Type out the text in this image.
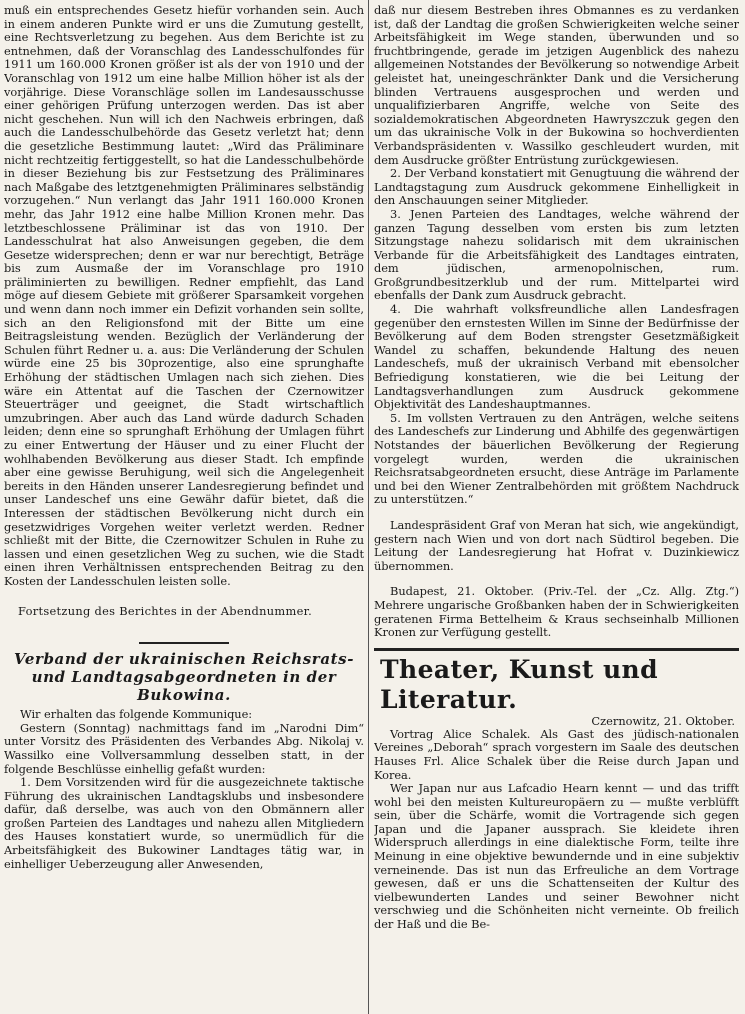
muß ein entsprechendes Gesetz hiefür vorhanden sein. Auch in einem anderen Punkte wird er uns die Zumutung gestellt, eine Rechtsverletzung zu begehen. Aus dem Berichte ist zu entnehmen, daß der Voranschlag des Landesschulfondes für 1911 um 160.000 Kronen größer ist als der von 1910 und der Voranschlag von 1912 um eine halbe Million höher ist als der vorjährige. Diese Voranschläge sollen im Landesausschusse einer gehörigen Prüfung unterzogen werden. Das ist aber nicht geschehen. Nun will ich den Nachweis erbringen, daß auch die Landesschulbehörde das Gesetz verletzt hat; denn die gesetzliche Bestimmung lautet: „Wird das Präliminare nicht rechtzeitig fertiggestellt, so hat die Landesschulbehörde in dieser Beziehung bis zur Festsetzung des Präliminares nach Maßgabe des letztgenehmigten Präliminares selbständig vorzugehen.“ Nun verlangt das Jahr 1911 160.000 Kronen mehr, das Jahr 1912 eine halbe Million Kronen mehr. Das letztbeschlossene Präliminar ist das von 1910. Der Landesschulrat hat also Anweisungen gegeben, die dem Gesetze widersprechen; denn er war nur berechtigt, Beträge bis zum Ausmaße der im Voranschlage pro 1910 präliminierten zu bewilligen. Redner empfiehlt, das Land möge auf diesem Gebiete mit größerer Sparsamkeit vorgehen und wenn dann noch immer ein Defizit vorhanden sein sollte, sich an den Religionsfond mit der Bitte um eine Beitragsleistung wenden. Bezüglich der Verländerung der Schulen führt Redner u. a. aus: Die Verländerung der Schulen würde eine 25 bis 30prozentige, also eine sprunghafte Erhöhung der städtischen Umlagen nach sich ziehen. Dies wäre ein Attentat auf die Taschen der Czernowitzer Steuerträger und geeignet, die Stadt wirtschaftlich umzubringen. Aber auch das Land würde dadurch Schaden leiden; denn eine so sprunghaft Erhöhung der Umlagen führt zu einer Entwertung der Häuser und zu einer Flucht der wohlhabenden Bevölkerung aus dieser Stadt. Ich empfinde aber eine gewisse Beruhigung, weil sich die Angelegenheit bereits in den Händen unserer Landesregierung befindet und unser Landeschef uns eine Gewähr dafür bietet, daß die Interessen der städtischen Bevölkerung nicht durch ein gesetzwidriges Vorgehen weiter verletzt werden. Redner schließt mit der Bitte, die Czernowitzer Schulen in Ruhe zu lassen und einen gesetzlichen Weg zu suchen, wie die Stadt einen ihren Verhältnissen entsprechenden Beitrag zu den Kosten der Landesschulen leisten solle.

Fortsetzung des Berichtes in der Abendnummer.

Verband der ukrainischen Reichsrats- und Landtagsabgeordneten in der Bukowina.

Wir erhalten das folgende Kommunique:

Gestern (Sonntag) nachmittags fand im „Narodni Dim“ unter Vorsitz des Präsidenten des Verbandes Abg. Nikolaj v. Wassilko eine Vollversammlung desselben statt, in der folgende Beschlüsse einhellig gefaßt wurden:

1. Dem Vorsitzenden wird für die ausgezeichnete taktische Führung des ukrainischen Landtagsklubs und insbesondere dafür, daß derselbe, was auch von den Obmännern aller großen Parteien des Landtages und nahezu allen Mitgliedern des Hauses konstatiert wurde, so unermüdlich für die Arbeitsfähigkeit des Bukowiner Landtages tätig war, in einhelliger Ueberzeugung aller Anwesenden,

daß nur diesem Bestreben ihres Obmannes es zu verdanken ist, daß der Landtag die großen Schwierigkeiten welche seiner Arbeitsfähigkeit im Wege standen, überwunden und so fruchtbringende, gerade im jetzigen Augenblick des nahezu allgemeinen Notstandes der Bevölkerung so notwendige Arbeit geleistet hat, uneingeschränkter Dank und die Versicherung blinden Vertrauens ausgesprochen und werden und unqualifizierbaren Angriffe, welche von Seite des sozialdemokratischen Abgeordneten Hawryszczuk gegen den um das ukrainische Volk in der Bukowina so hochverdienten Verbandspräsidenten v. Wassilko geschleudert wurden, mit dem Ausdrucke größter Entrüstung zurückgewiesen.

2. Der Verband konstatiert mit Genugtuung die während der Landtagstagung zum Ausdruck gekommene Einhelligkeit in den Anschauungen seiner Mitglieder.

3. Jenen Parteien des Landtages, welche während der ganzen Tagung desselben vom ersten bis zum letzten Sitzungstage nahezu solidarisch mit dem ukrainischen Verbande für die Arbeitsfähigkeit des Landtages eintraten, dem jüdischen, armenopolnischen, rum. Großgrundbesitzerklub und der rum. Mittelpartei wird ebenfalls der Dank zum Ausdruck gebracht.

4. Die wahrhaft volksfreundliche allen Landesfragen gegenüber den ernstesten Willen im Sinne der Bedürfnisse der Bevölkerung auf dem Boden strengster Gesetzmäßigkeit Wandel zu schaffen, bekundende Haltung des neuen Landeschefs, muß der ukrainisch Verband mit ebensolcher Befriedigung konstatieren, wie die bei Leitung der Landtagsverhandlungen zum Ausdruck gekommene Objektivität des Landeshauptmannes.

5. Im vollsten Vertrauen zu den Anträgen, welche seitens des Landeschefs zur Linderung und Abhilfe des gegenwärtigen Notstandes der bäuerlichen Bevölkerung der Regierung vorgelegt wurden, werden die ukrainischen Reichsratsabgeordneten ersucht, diese Anträge im Parlamente und bei den Wiener Zentralbehörden mit größtem Nachdruck zu unterstützen.“

Landespräsident Graf von Meran hat sich, wie angekündigt, gestern nach Wien und von dort nach Südtirol begeben. Die Leitung der Landesregierung hat Hofrat v. Duzinkiewicz übernommen.

Budapest, 21. Oktober. (Priv.-Tel. der „Cz. Allg. Ztg.“) Mehrere ungarische Großbanken haben der in Schwierigkeiten geratenen Firma Bettelheim & Kraus sechseinhalb Millionen Kronen zur Verfügung gestellt.

Theater, Kunst und Literatur.
Czernowitz, 21. Oktober.

Vortrag Alice Schalek. Als Gast des jüdisch-nationalen Vereines „Deborah“ sprach vorgestern im Saale des deutschen Hauses Frl. Alice Schalek über die Reise durch Japan und Korea.

Wer Japan nur aus Lafcadio Hearn kennt — und das trifft wohl bei den meisten Kultureuropäern zu — mußte verblüfft sein, über die Schärfe, womit die Vortragende sich gegen Japan und die Japaner aussprach. Sie kleidete ihren Widerspruch allerdings in eine dialektische Form, teilte ihre Meinung in eine objektive bewundernde und in eine subjektiv verneinende. Das ist nun das Erfreuliche an dem Vortrage gewesen, daß er uns die Schattenseiten der Kultur des vielbewunderten Landes und seiner Bewohner nicht verschwieg und die Schönheiten nicht verneinte. Ob freilich der Haß und die Be-
